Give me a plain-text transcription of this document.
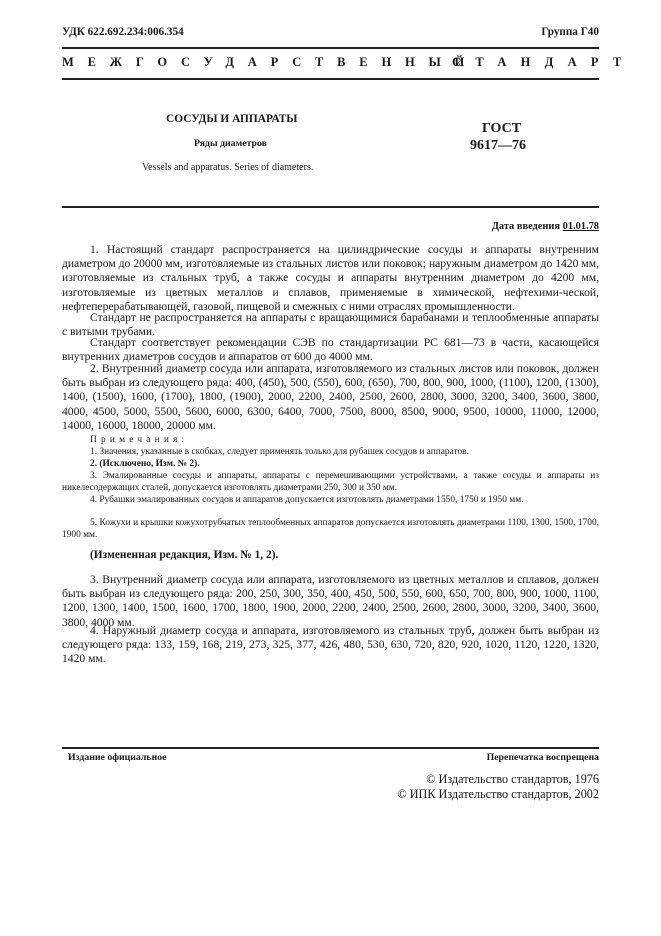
УДК 622.692.234:006.354	Группа Г40
МЕЖГОСУДАРСТВЕННЫЙ
СТАНДАРТ
СОСУДЫ И АППАРАТЫ
Ряды диаметров
Vessels and apparatus. Series of diameters.
ГОСТ
9617—76
Дата введения 01.01.78
1. Настоящий стандарт распространяется на цилиндрические сосуды и аппараты внутренним диаметром до 20000 мм, изготовляемые из стальных листов или поковок; наружным диаметром до 1420 мм, изготовляемые из стальных труб, а также сосуды и аппараты внутренним диаметром до 4200 мм, изготовляемые из цветных металлов и сплавов, применяемые в химической, нефтехими-ческой, нефтеперерабатывающей, газовой, пищевой и смежных с ними отраслях промышленности.
Стандарт не распространяется на аппараты с вращающимися барабанами и теплообменные аппараты с витыми трубами.
Стандарт соответствует рекомендации СЭВ по стандартизации РС 681—73 в части, касающейся внутренних диаметров сосудов и аппаратов от 600 до 4000 мм.
2. Внутренний диаметр сосуда или аппарата, изготовляемого из стальных листов или поковок, должен быть выбран из следующего ряда: 400, (450), 500, (550), 600, (650), 700, 800, 900, 1000, (1100), 1200, (1300), 1400, (1500), 1600, (1700), 1800, (1900), 2000, 2200, 2400, 2500, 2600, 2800, 3000, 3200, 3400, 3600, 3800, 4000, 4500, 5000, 5500, 5600, 6000, 6300, 6400, 7000, 7500, 8000, 8500, 9000, 9500, 10000, 11000, 12000, 14000, 16000, 18000, 20000 мм.
Примечания:
1. Значения, указанные в скобках, следует применять только для рубашек сосудов и аппаратов.
2. (Исключено, Изм. № 2).
3. Эмалированные сосуды и аппараты, аппараты с перемешивающими устройствами, а также сосуды и аппараты из никелесодержащих сталей, допускается изготовлять диаметрами 250, 300 и 350 мм.
4. Рубашки эмалированных сосудов и аппаратов допускается изготовлять диаметрами 1550, 1750 и 1950 мм.
5. Кожухи и крышки кожухотрубчатых теплообменных аппаратов допускается изготовлять диаметрами 1100, 1300, 1500, 1700, 1900 мм.
(Измененная редакция, Изм. № 1, 2).
3. Внутренний диаметр сосуда или аппарата, изготовляемого из цветных металлов и сплавов, должен быть выбран из следующего ряда: 200, 250, 300, 350, 400, 450, 500, 550, 600, 650, 700, 800, 900, 1000, 1100, 1200, 1300, 1400, 1500, 1600, 1700, 1800, 1900, 2000, 2200, 2400, 2500, 2600, 2800, 3000, 3200, 3400, 3600, 3800, 4000 мм.
4. Наружный диаметр сосуда и аппарата, изготовляемого из стальных труб, должен быть выбран из следующего ряда: 133, 159, 168, 219, 273, 325, 377, 426, 480, 530, 630, 720, 820, 920, 1020, 1120, 1220, 1320, 1420 мм.
Издание официальное	Перепечатка воспрещена
© Издательство стандартов, 1976
© ИПК Издательство стандартов, 2002
